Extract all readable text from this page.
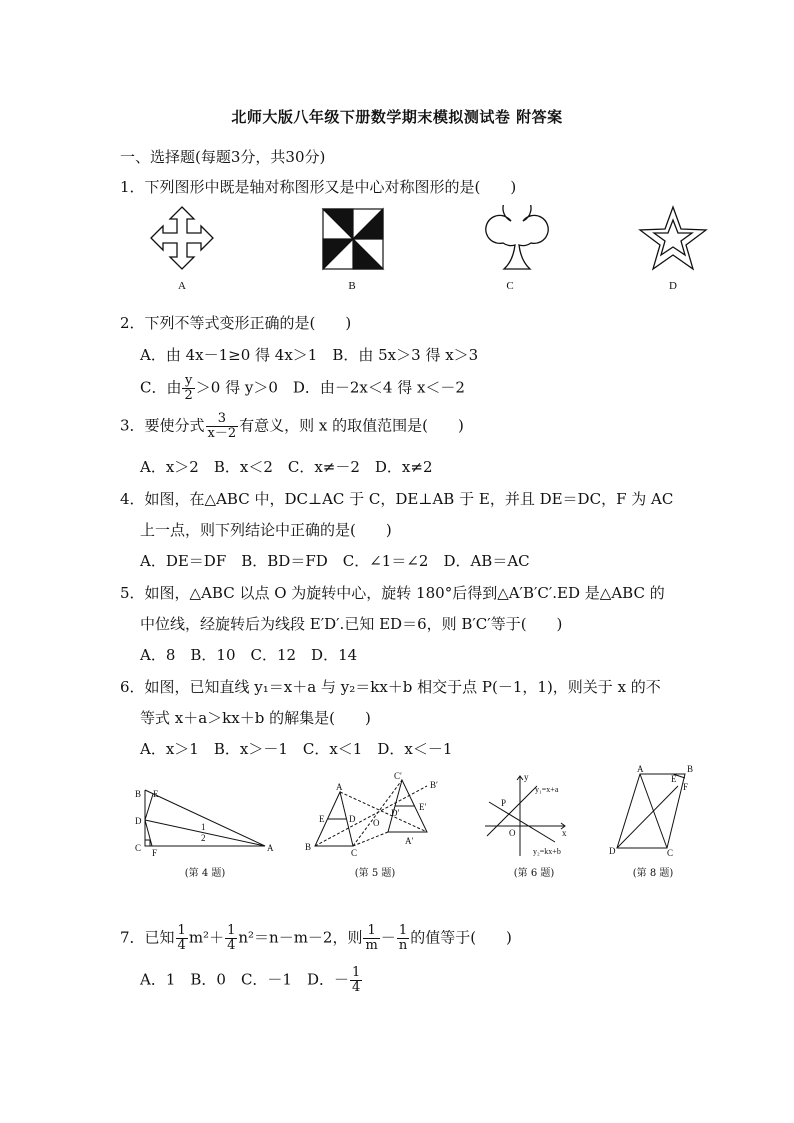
北师大版八年级下册数学期末模拟测试卷 附答案
一、选择题(每题3分，共30分)
1．下列图形中既是轴对称图形又是中心对称图形的是(　　)
A	B	C	D
2．下列不等式变形正确的是(　　)
A．由 4x－1≥0 得 4x＞1　B．由 5x＞3 得 x＞3
C．由 $\frac{y}{2} >0$ 得 y＞0　D．由－2x＜4 得 x＜－2
3．要使分式 $\frac{3}{x-2}$ 有意义，则 x 的取值范围是(　　)
A．x＞2　B．x＜2　C．x≠－2　D．x≠2
4．如图，在△ABC 中，DC⊥AC 于 C，DE⊥AB 于 E，并且 DE＝DC，F 为 AC
上一点，则下列结论中正确的是(　　)
A．DE＝DF　B．BD＝FD　C．∠1＝∠2　D．AB＝AC
5．如图，△ABC 以点 O 为旋转中心，旋转 180°后得到△A′B′C′.ED 是△ABC 的
中位线，经旋转后为线段 E′D′.已知 ED＝6，则 B′C′等于(　　)
A．8　B．10　C．12　D．14
6．如图，已知直线 y₁＝x＋a 与 y₂＝kx＋b 相交于点 P(－1，1)，则关于 x 的不
等式 x＋a＞kx＋b 的解集是(　　)
A．x＞1　B．x＞－1　C．x＜1　D．x＜－1
B E
D
C F	A
1
2
A
E	D
B
C
O
C′
B′
D′
E′
A′
y
y₁=x+a
P
O	x
y₂=kx+b
A
E
B
F
D	C
(第 4 题)	(第 5 题)	(第 6 题)	(第 8 题)
7．已知 $\frac{1}{4} m^2+ \frac{1}{4} n^2=n-m-2$，则 $\frac{1}{m} - \frac{1}{n}$ 的值等于(　　)
A．1　B．0　C．－1　D．－ $\frac{1}{4}$
